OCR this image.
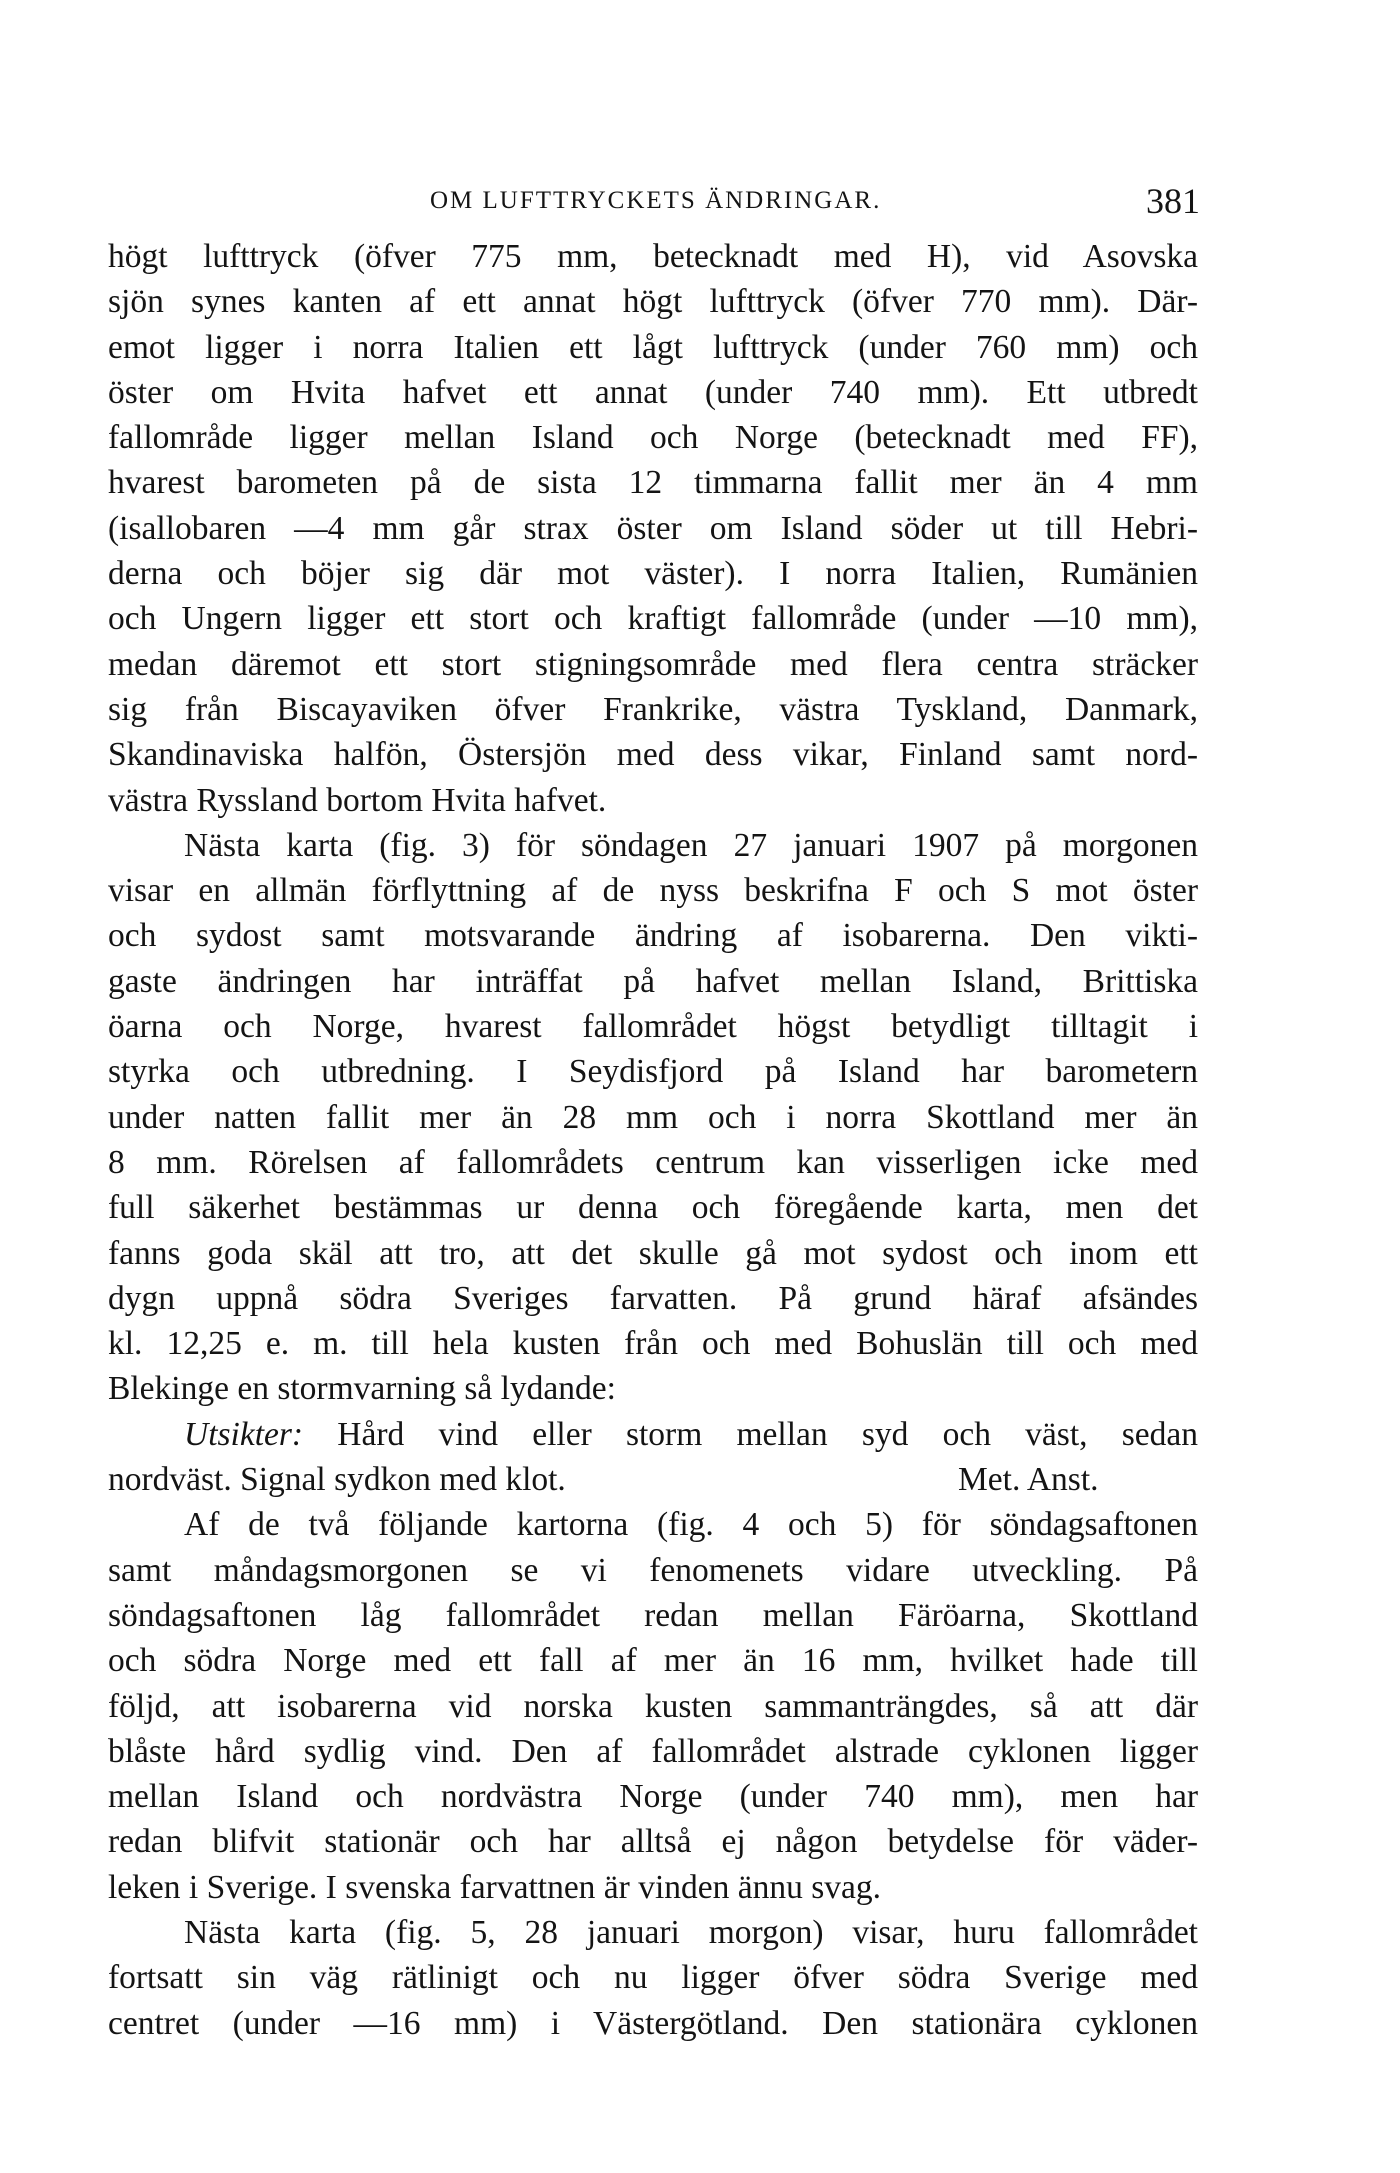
OM LUFTTRYCKETS ÄNDRINGAR.	381
högt lufttryck (öfver 775 mm, betecknadt med H), vid Asovska
sjön synes kanten af ett annat högt lufttryck (öfver 770 mm). Där-
emot ligger i norra Italien ett lågt lufttryck (under 760 mm) och
öster om Hvita hafvet ett annat (under 740 mm). Ett utbredt
fallområde ligger mellan Island och Norge (betecknadt med FF),
hvarest barometen på de sista 12 timmarna fallit mer än 4 mm
(isallobaren —4 mm går strax öster om Island söder ut till Hebri-
derna och böjer sig där mot väster). I norra Italien, Rumänien
och Ungern ligger ett stort och kraftigt fallområde (under —10 mm),
medan däremot ett stort stigningsområde med flera centra sträcker
sig från Biscayaviken öfver Frankrike, västra Tyskland, Danmark,
Skandinaviska halfön, Östersjön med dess vikar, Finland samt nord-
västra Ryssland bortom Hvita hafvet.
Nästa karta (fig. 3) för söndagen 27 januari 1907 på morgonen
visar en allmän förflyttning af de nyss beskrifna F och S mot öster
och sydost samt motsvarande ändring af isobarerna. Den vikti-
gaste ändringen har inträffat på hafvet mellan Island, Brittiska
öarna och Norge, hvarest fallområdet högst betydligt tilltagit i
styrka och utbredning. I Seydisfjord på Island har barometern
under natten fallit mer än 28 mm och i norra Skottland mer än
8 mm. Rörelsen af fallområdets centrum kan visserligen icke med
full säkerhet bestämmas ur denna och föregående karta, men det
fanns goda skäl att tro, att det skulle gå mot sydost och inom ett
dygn uppnå södra Sveriges farvatten. På grund häraf afsändes
kl. 12,25 e. m. till hela kusten från och med Bohuslän till och med
Blekinge en stormvarning så lydande:
Utsikter: Hård vind eller storm mellan syd och väst, sedan
nordväst. Signal sydkon med klot.	Met. Anst.
Af de två följande kartorna (fig. 4 och 5) för söndagsaftonen
samt måndagsmorgonen se vi fenomenets vidare utveckling. På
söndagsaftonen låg fallområdet redan mellan Färöarna, Skottland
och södra Norge med ett fall af mer än 16 mm, hvilket hade till
följd, att isobarerna vid norska kusten sammanträngdes, så att där
blåste hård sydlig vind. Den af fallområdet alstrade cyklonen ligger
mellan Island och nordvästra Norge (under 740 mm), men har
redan blifvit stationär och har alltså ej någon betydelse för väder-
leken i Sverige. I svenska farvattnen är vinden ännu svag.
Nästa karta (fig. 5, 28 januari morgon) visar, huru fallområdet
fortsatt sin väg rätlinigt och nu ligger öfver södra Sverige med
centret (under —16 mm) i Västergötland. Den stationära cyklonen
